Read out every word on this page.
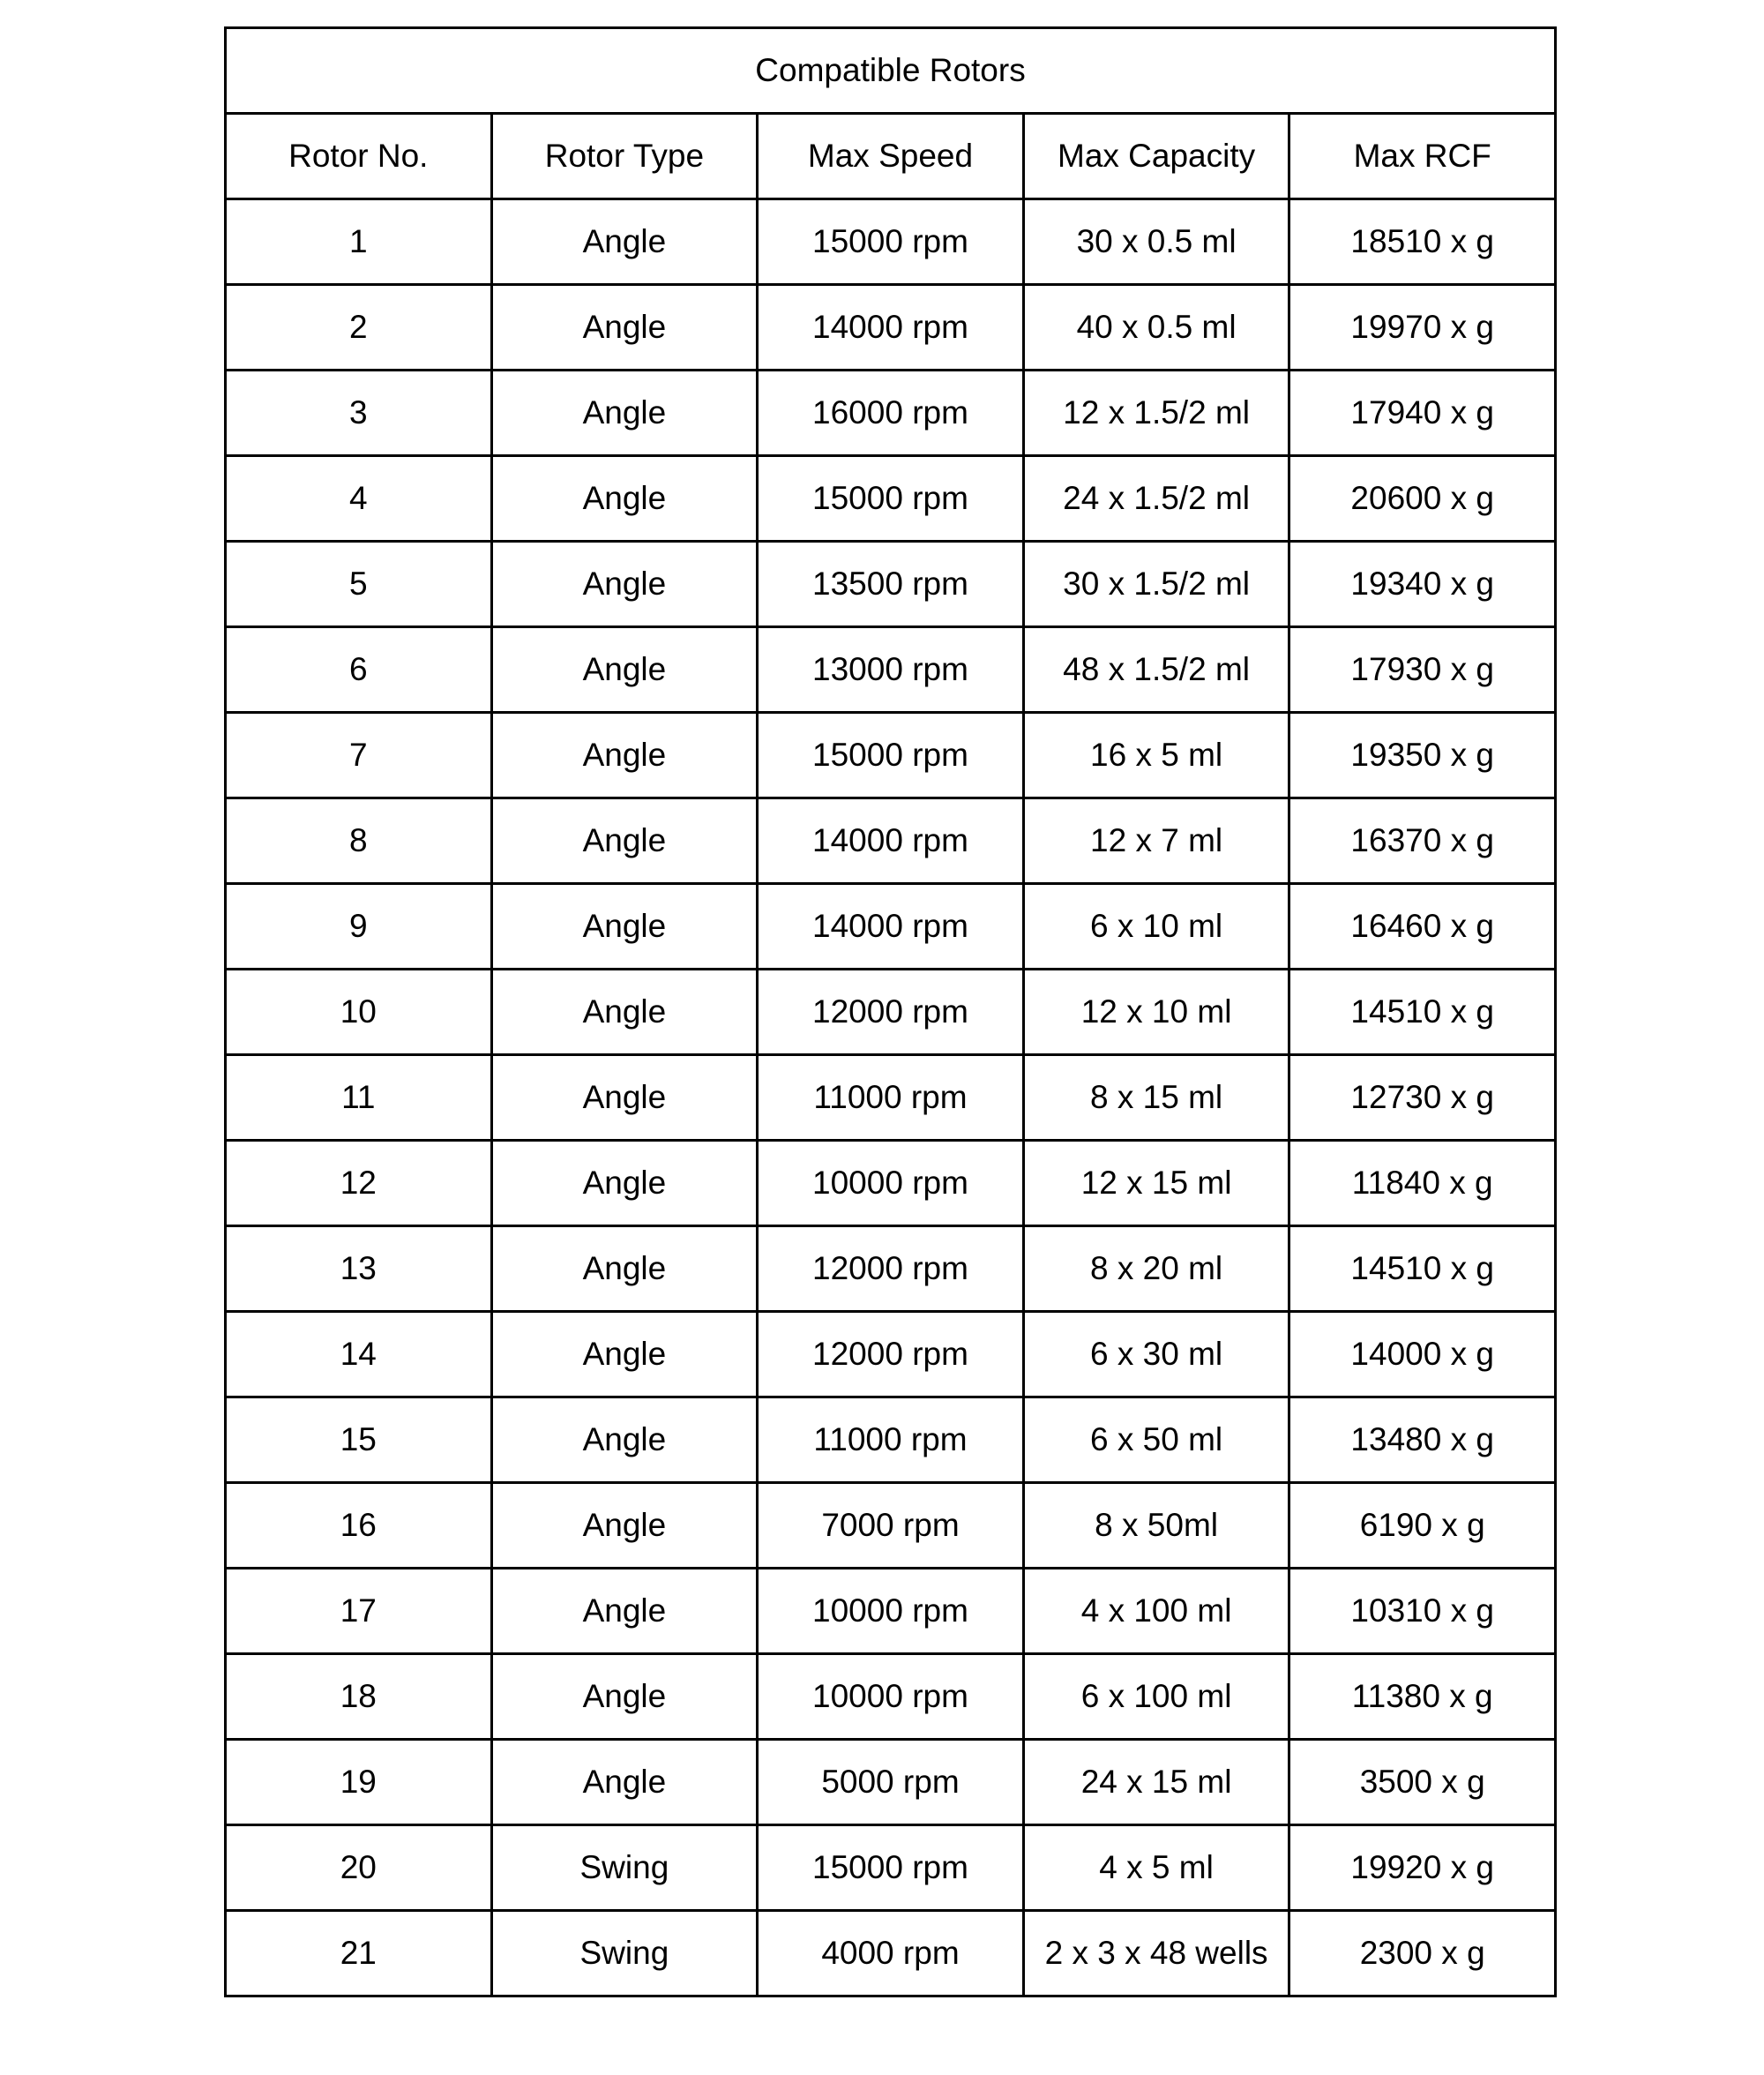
Compatible Rotors				
Rotor No.	Rotor Type	Max Speed	Max Capacity	Max RCF
1	Angle	15000 rpm	30 x 0.5 ml	18510 x g
2	Angle	14000 rpm	40 x 0.5 ml	19970 x g
3	Angle	16000 rpm	12 x 1.5/2 ml	17940 x g
4	Angle	15000 rpm	24 x 1.5/2 ml	20600 x g
5	Angle	13500 rpm	30 x 1.5/2 ml	19340 x g
6	Angle	13000 rpm	48 x 1.5/2 ml	17930 x g
7	Angle	15000 rpm	16 x 5 ml	19350 x g
8	Angle	14000 rpm	12 x 7 ml	16370 x g
9	Angle	14000 rpm	6 x 10 ml	16460 x g
10	Angle	12000 rpm	12 x 10 ml	14510 x g
11	Angle	11000 rpm	8 x 15 ml	12730 x g
12	Angle	10000 rpm	12 x 15 ml	11840 x g
13	Angle	12000 rpm	8 x 20 ml	14510 x g
14	Angle	12000 rpm	6 x 30 ml	14000 x g
15	Angle	11000 rpm	6 x 50 ml	13480 x g
16	Angle	7000 rpm	8 x 50ml	6190 x g
17	Angle	10000 rpm	4 x 100 ml	10310 x g
18	Angle	10000 rpm	6 x 100 ml	11380 x g
19	Angle	5000 rpm	24 x 15 ml	3500 x g
20	Swing	15000 rpm	4 x 5 ml	19920 x g
21	Swing	4000 rpm	2 x 3 x 48 wells	2300 x g
